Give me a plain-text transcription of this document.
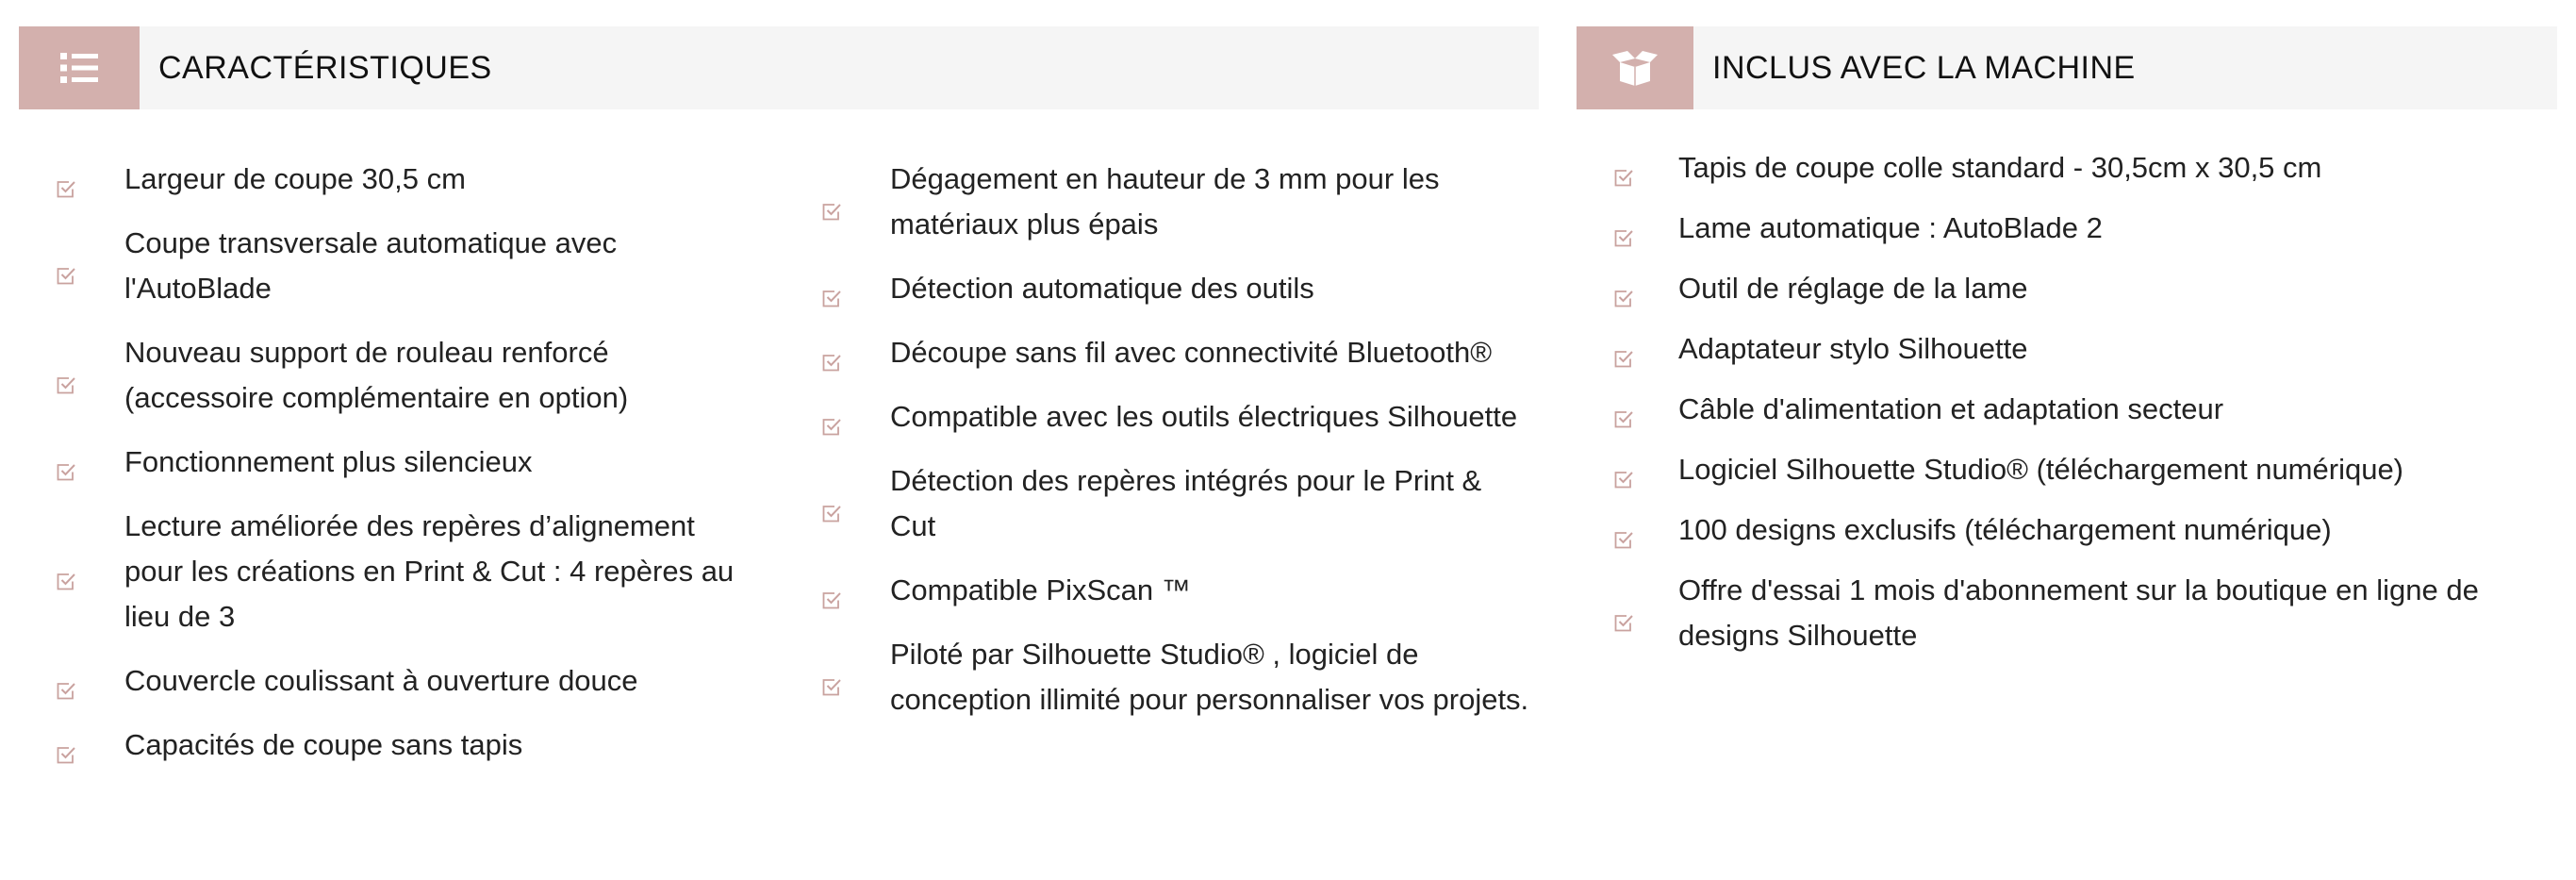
CARACTÉRISTIQUES
Largeur de coupe 30,5 cm
Coupe transversale automatique avec l'AutoBlade
Nouveau support de rouleau renforcé (accessoire complémentaire en option)
Fonctionnement plus silencieux
Lecture améliorée des repères d’alignement pour les créations en Print & Cut : 4 repères au lieu de 3
Couvercle coulissant à ouverture douce
Capacités de coupe sans tapis
Dégagement en hauteur de 3 mm pour les matériaux plus épais
Détection automatique des outils
Découpe sans fil avec connectivité Bluetooth®
Compatible avec les outils électriques Silhouette
Détection des repères intégrés pour le Print & Cut
Compatible PixScan ™
Piloté par Silhouette Studio® , logiciel de conception illimité pour personnaliser vos projets.
INCLUS AVEC LA MACHINE
Tapis de coupe colle standard - 30,5cm x 30,5 cm
Lame automatique : AutoBlade 2
Outil de réglage de la lame
Adaptateur stylo Silhouette
Câble d'alimentation et adaptation secteur
Logiciel Silhouette Studio® (téléchargement numérique)
100 designs exclusifs (téléchargement numérique)
Offre d'essai 1 mois d'abonnement sur la boutique en ligne de designs Silhouette
